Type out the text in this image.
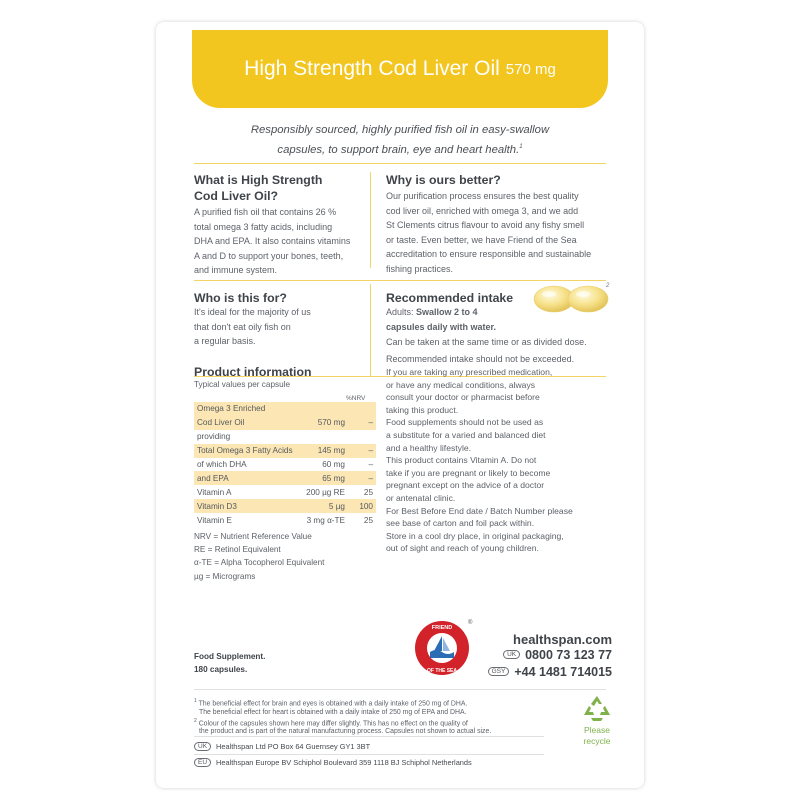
High Strength Cod Liver Oil 570 mg
Responsibly sourced, highly purified fish oil in easy-swallow
capsules, to support brain, eye and heart health.$^1$
What is High Strength
Cod Liver Oil?
A purified fish oil that contains 26 %
total omega 3 fatty acids, including
DHA and EPA. It also contains vitamins
A and D to support your bones, teeth,
and immune system.
Why is ours better?
Our purification process ensures the best quality
cod liver oil, enriched with omega 3, and we add
St Clements citrus flavour to avoid any fishy smell
or taste. Even better, we have Friend of the Sea
accreditation to ensure responsible and sustainable
fishing practices.
Who is this for?
It's ideal for the majority of us
that don't eat oily fish on
a regular basis.
Recommended intake
Adults: Swallow 2 to 4
capsules daily with water.
2
Can be taken at the same time or as divided dose.
Recommended intake should not be exceeded.
Product information
Typical values per capsule
%NRV
Omega 3 Enriched		
Cod Liver Oil	570 mg	–
providing		
Total Omega 3 Fatty Acids	145 mg	–
of which DHA	60 mg	–
and EPA	65 mg	–
Vitamin A	200 µg RE	25
Vitamin D3	5 µg	100
Vitamin E	3 mg α-TE	25
NRV = Nutrient Reference Value
RE = Retinol Equivalent
α-TE = Alpha Tocopherol Equivalent
µg = Micrograms
If you are taking any prescribed medication,
or have any medical conditions, always
consult your doctor or pharmacist before
taking this product.
Food supplements should not be used as
a substitute for a varied and balanced diet
and a healthy lifestyle.
This product contains Vitamin A. Do not
take if you are pregnant or likely to become
pregnant except on the advice of a doctor
or antenatal clinic.
For Best Before End date / Batch Number please
see base of carton and foil pack within.
Store in a cool dry place, in original packaging,
out of sight and reach of young children.
Food Supplement.
180 capsules.
FRIEND
OF THE SEA
®
healthspan.com
UK 0800 73 123 77
GSY +44 1481 714015
$^1$ The beneficial effect for brain and eyes is obtained with a daily intake of 250 mg of DHA.
The beneficial effect for heart is obtained with a daily intake of 250 mg of EPA and DHA.
$^2$ Colour of the capsules shown here may differ slightly. This has no effect on the quality of
the product and is part of the natural manufacturing process. Capsules not shown to actual size.
UK Healthspan Ltd PO Box 64 Guernsey GY1 3BT
EU Healthspan Europe BV Schiphol Boulevard 359 1118 BJ Schiphol Netherlands
Please
recycle
